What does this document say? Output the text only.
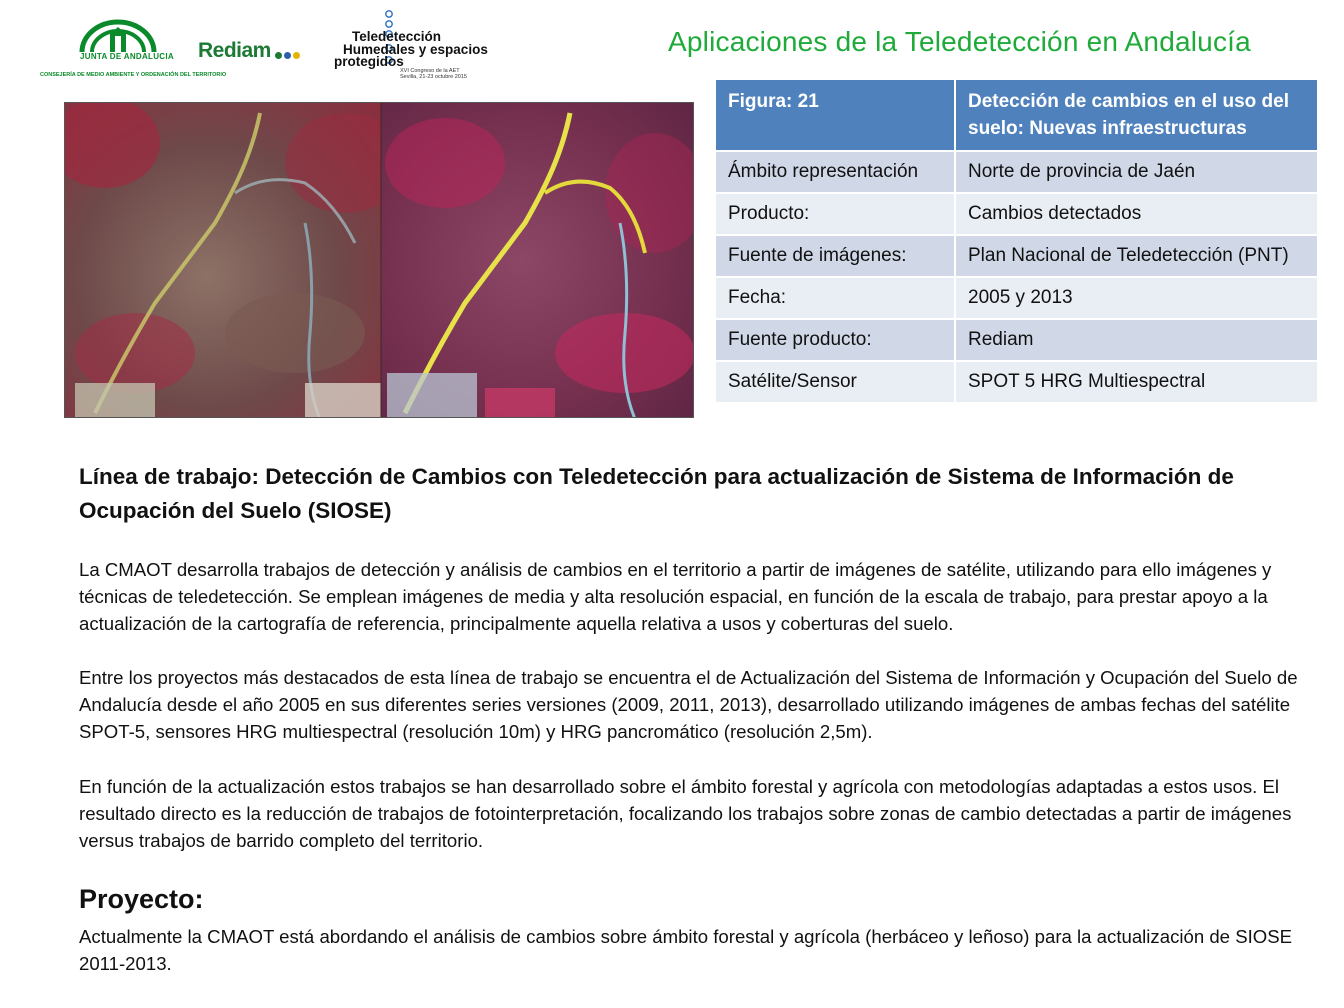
JUNTA DE ANDALUCIA
CONSEJERÍA DE MEDIO AMBIENTE Y ORDENACIÓN DEL TERRITORIO
Rediam
Teledetección
Humedales y espacios
protegidos
XVI Congreso de la AET
Sevilla, 21-23 octubre 2015
Aplicaciones de la Teledetección en Andalucía
Figura: 21	Detección de cambios en el uso del suelo: Nuevas infraestructuras
Ámbito representación	Norte de provincia de Jaén
Producto:	Cambios detectados
Fuente de imágenes:	Plan Nacional de Teledetección (PNT)
Fecha:	2005 y 2013
Fuente producto:	Rediam
Satélite/Sensor	SPOT 5 HRG Multiespectral
Línea de trabajo: Detección de Cambios con Teledetección para actualización de Sistema de Información de Ocupación del Suelo (SIOSE)
La CMAOT desarrolla trabajos de detección y análisis de cambios en el territorio a partir de imágenes de satélite, utilizando para ello imágenes y técnicas de teledetección. Se emplean imágenes de media y alta resolución espacial, en función de la escala de trabajo, para prestar apoyo a la actualización de la cartografía de referencia, principalmente aquella relativa a usos y coberturas del suelo.
Entre los proyectos más destacados de esta línea de trabajo se encuentra el de Actualización del Sistema de Información y Ocupación del Suelo de Andalucía desde el año 2005 en sus diferentes series versiones (2009, 2011, 2013), desarrollado utilizando imágenes de ambas fechas del satélite SPOT-5, sensores HRG multiespectral (resolución 10m) y HRG pancromático (resolución 2,5m).
En función de la actualización estos trabajos se han desarrollado sobre el ámbito forestal y agrícola con metodologías adaptadas a estos usos. El resultado directo es la reducción de trabajos de fotointerpretación, focalizando los trabajos sobre zonas de cambio detectadas a partir de imágenes versus trabajos de barrido completo del territorio.
Proyecto:
Actualmente la CMAOT está abordando el análisis de cambios sobre ámbito forestal y agrícola (herbáceo y leñoso) para la actualización de SIOSE 2011-2013.
